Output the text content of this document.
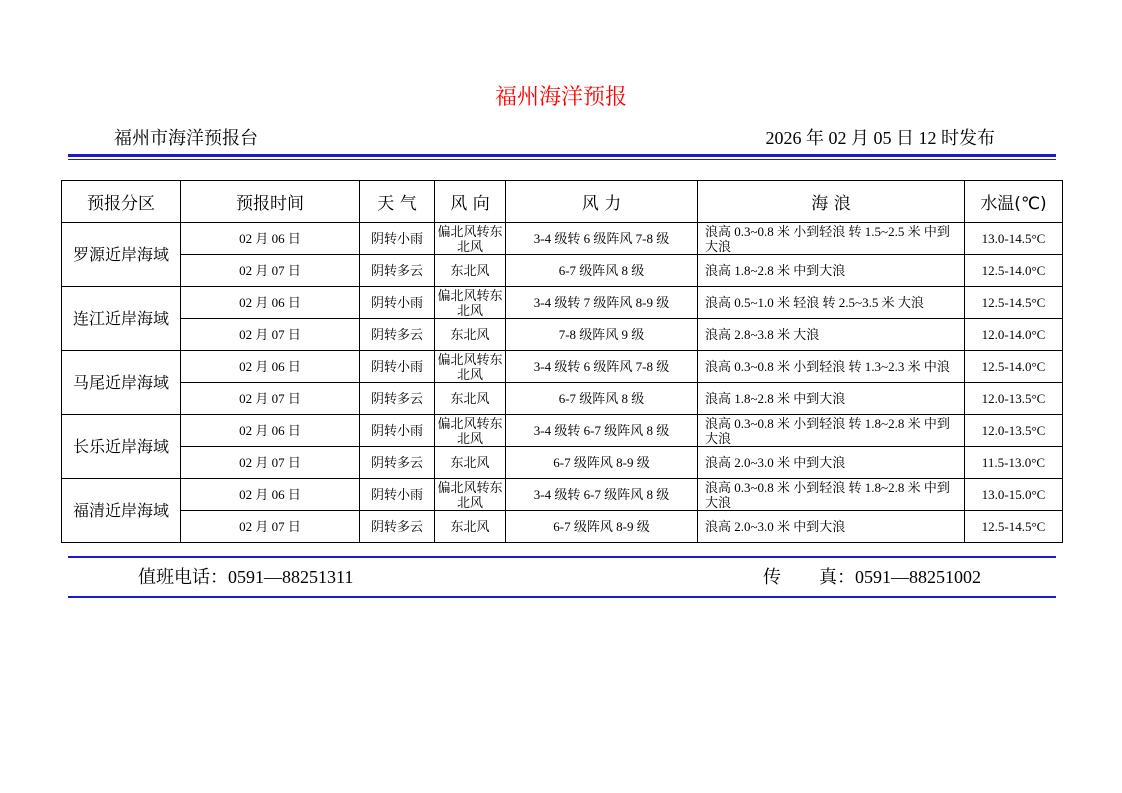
福州海洋预报
福州市海洋预报台	2026 年 02 月 05 日 12 时发布
预报分区	预报时间	天 气	风 向	风 力	海 浪	水温(℃)
罗源近岸海域	02 月 06 日	阴转小雨	偏北风转东北风	3-4 级转 6 级阵风 7-8 级	浪高 0.3~0.8 米 小到轻浪 转 1.5~2.5 米 中到大浪	13.0-14.5°C
	02 月 07 日	阴转多云	东北风	6-7 级阵风 8 级	浪高 1.8~2.8 米 中到大浪	12.5-14.0°C
连江近岸海域	02 月 06 日	阴转小雨	偏北风转东北风	3-4 级转 7 级阵风 8-9 级	浪高 0.5~1.0 米 轻浪 转 2.5~3.5 米 大浪	12.5-14.5°C
	02 月 07 日	阴转多云	东北风	7-8 级阵风 9 级	浪高 2.8~3.8 米 大浪	12.0-14.0°C
马尾近岸海域	02 月 06 日	阴转小雨	偏北风转东北风	3-4 级转 6 级阵风 7-8 级	浪高 0.3~0.8 米 小到轻浪 转 1.3~2.3 米 中浪	12.5-14.0°C
	02 月 07 日	阴转多云	东北风	6-7 级阵风 8 级	浪高 1.8~2.8 米 中到大浪	12.0-13.5°C
长乐近岸海域	02 月 06 日	阴转小雨	偏北风转东北风	3-4 级转 6-7 级阵风 8 级	浪高 0.3~0.8 米 小到轻浪 转 1.8~2.8 米 中到大浪	12.0-13.5°C
	02 月 07 日	阴转多云	东北风	6-7 级阵风 8-9 级	浪高 2.0~3.0 米 中到大浪	11.5-13.0°C
福清近岸海域	02 月 06 日	阴转小雨	偏北风转东北风	3-4 级转 6-7 级阵风 8 级	浪高 0.3~0.8 米 小到轻浪 转 1.8~2.8 米 中到大浪	13.0-15.0°C
	02 月 07 日	阴转多云	东北风	6-7 级阵风 8-9 级	浪高 2.0~3.0 米 中到大浪	12.5-14.5°C
值班电话：0591—88251311	传 真：0591—88251002
